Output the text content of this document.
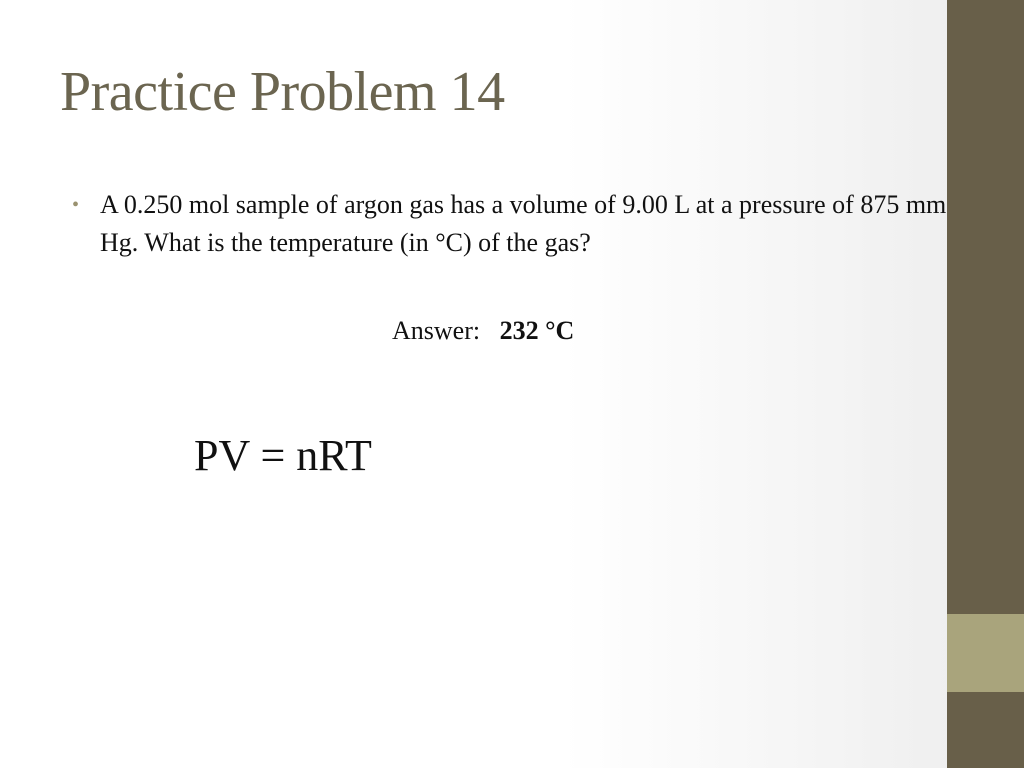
Practice Problem 14
• A 0.250 mol sample of argon gas has a volume of 9.00 L at a pressure of 875 mm Hg. What is the temperature (in °C) of the gas?
Answer: 232 °C
PV = nRT
